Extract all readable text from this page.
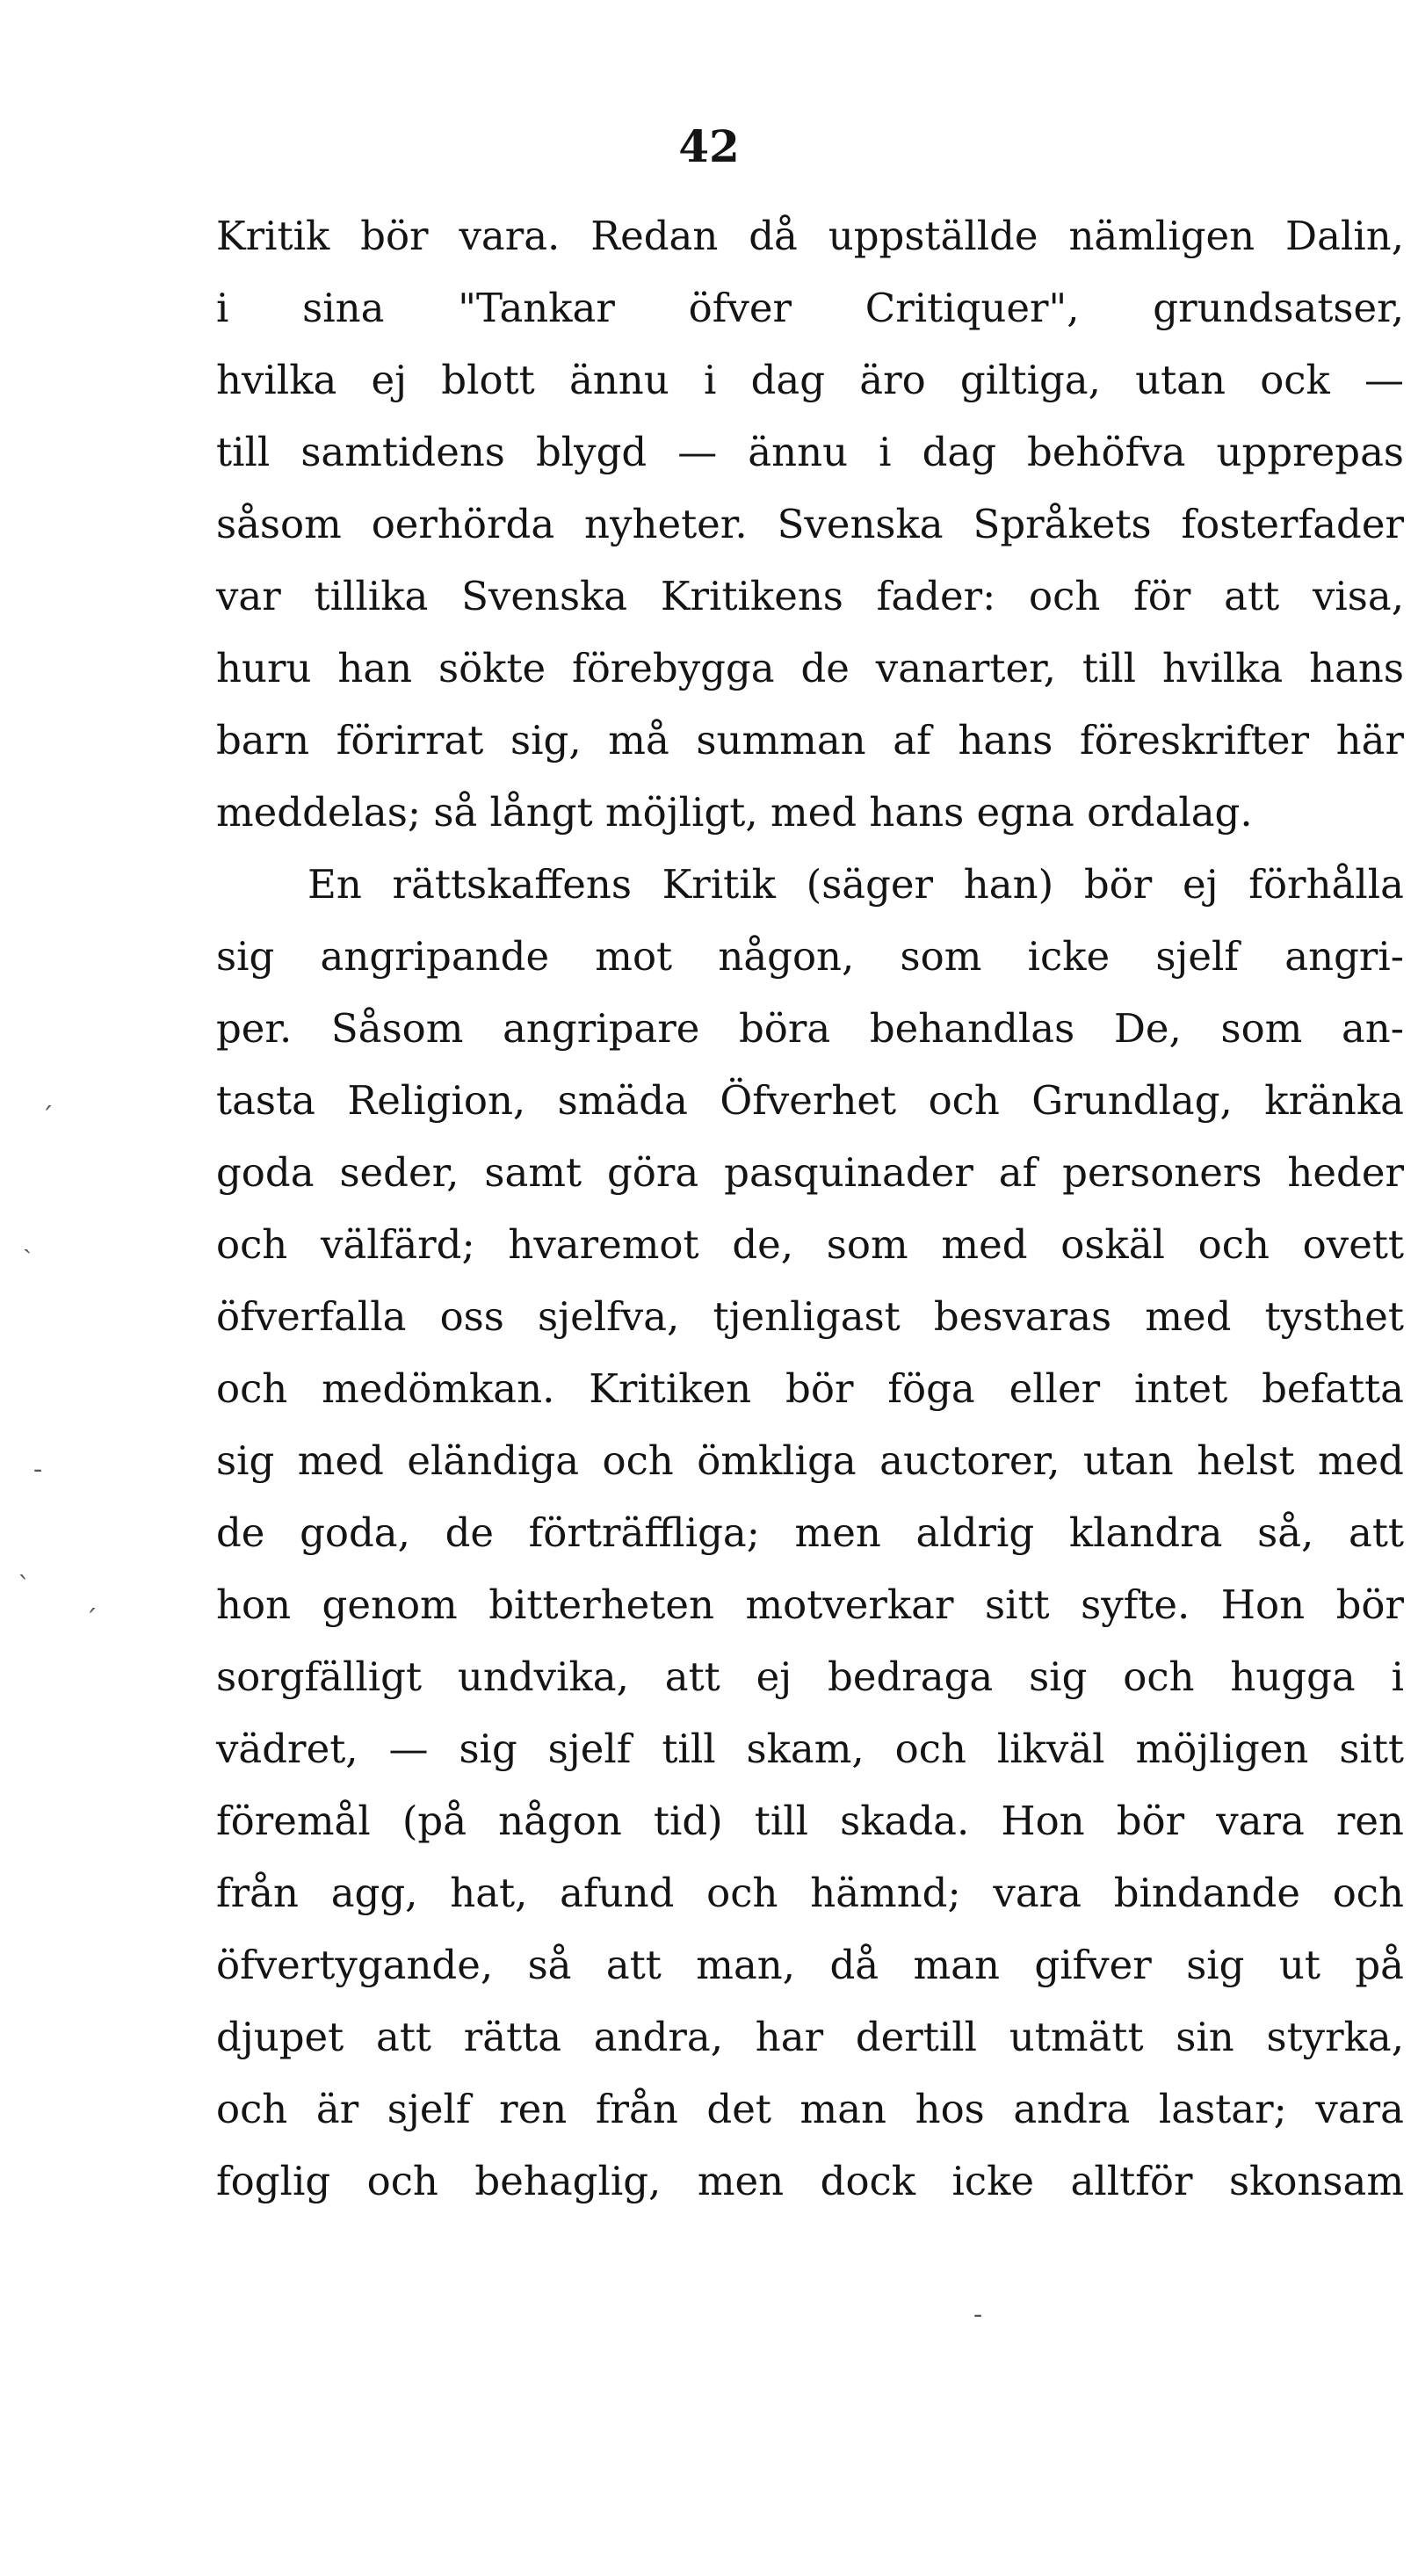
42
Kritik bör vara. Redan då uppställde nämligen Dalin,
i sina "Tankar öfver Critiquer", grundsatser,
hvilka ej blott ännu i dag äro giltiga, utan ock —
till samtidens blygd — ännu i dag behöfva upprepas
såsom oerhörda nyheter. Svenska Språkets fosterfader
var tillika Svenska Kritikens fader: och för att visa,
huru han sökte förebygga de vanarter, till hvilka hans
barn förirrat sig, må summan af hans föreskrifter här
meddelas; så långt möjligt, med hans egna ordalag.
En rättskaffens Kritik (säger han) bör ej förhålla
sig angripande mot någon, som icke sjelf angri-
per. Såsom angripare böra behandlas De, som an-
tasta Religion, smäda Öfverhet och Grundlag, kränka
goda seder, samt göra pasquinader af personers heder
och välfärd; hvaremot de, som med oskäl och ovett
öfverfalla oss sjelfva, tjenligast besvaras med tysthet
och medömkan. Kritiken bör föga eller intet befatta
sig med eländiga och ömkliga auctorer, utan helst med
de goda, de förträffliga; men aldrig klandra så, att
hon genom bitterheten motverkar sitt syfte. Hon bör
sorgfälligt undvika, att ej bedraga sig och hugga i
vädret, — sig sjelf till skam, och likväl möjligen sitt
föremål (på någon tid) till skada. Hon bör vara ren
från agg, hat, afund och hämnd; vara bindande och
öfvertygande, så att man, då man gifver sig ut på
djupet att rätta andra, har dertill utmätt sin styrka,
och är sjelf ren från det man hos andra lastar; vara
foglig och behaglig, men dock icke alltför skonsam
ˊ
ˎ
-
ˋ
ˊ
-
